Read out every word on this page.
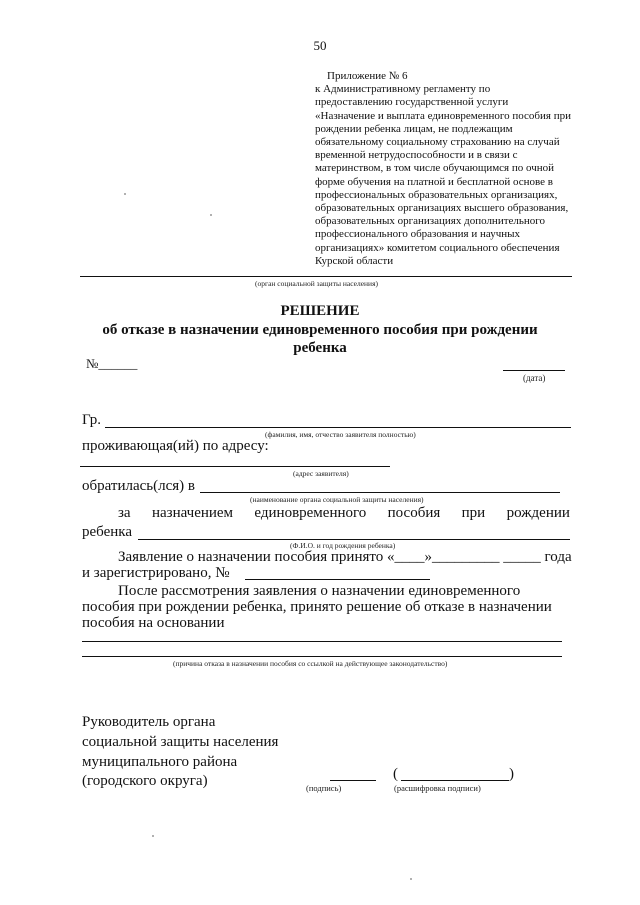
50
Приложение № 6
к Административному регламенту по
предоставлению государственной услуги
«Назначение и выплата единовременного пособия при
рождении ребенка лицам, не подлежащим
обязательному социальному страхованию на случай
временной нетрудоспособности и в связи с
материнством, в том числе обучающимся по очной
форме обучения на платной и бесплатной основе в
профессиональных образовательных организациях,
образовательных организациях высшего образования,
образовательных организациях дополнительного
профессионального образования и научных
организациях» комитетом социального обеспечения
Курской области
(орган социальной защиты населения)
РЕШЕНИЕ
об отказе в назначении единовременного пособия при рождении
ребенка
№______
(дата)
Гр.
(фамилия, имя, отчество заявителя полностью)
проживающая(ий) по адресу:
(адрес заявителя)
обратилась(лся) в
(наименование органа социальной защиты населения)
за назначением единовременного пособия при рождении
ребенка
(Ф.И.О. и год рождения ребенка)
Заявление о назначении пособия принято «____»_________ _____ года
и зарегистрировано, №
После рассмотрения заявления о назначении единовременного
пособия при рождении ребенка, принято решение об отказе в назначении
пособия на основании
(причина отказа в назначении пособия со ссылкой на действующее законодательство)
Руководитель органа
социальной защиты населения
муниципального района
(городского округа)	(подпись)
(	)
(расшифровка подписи)
